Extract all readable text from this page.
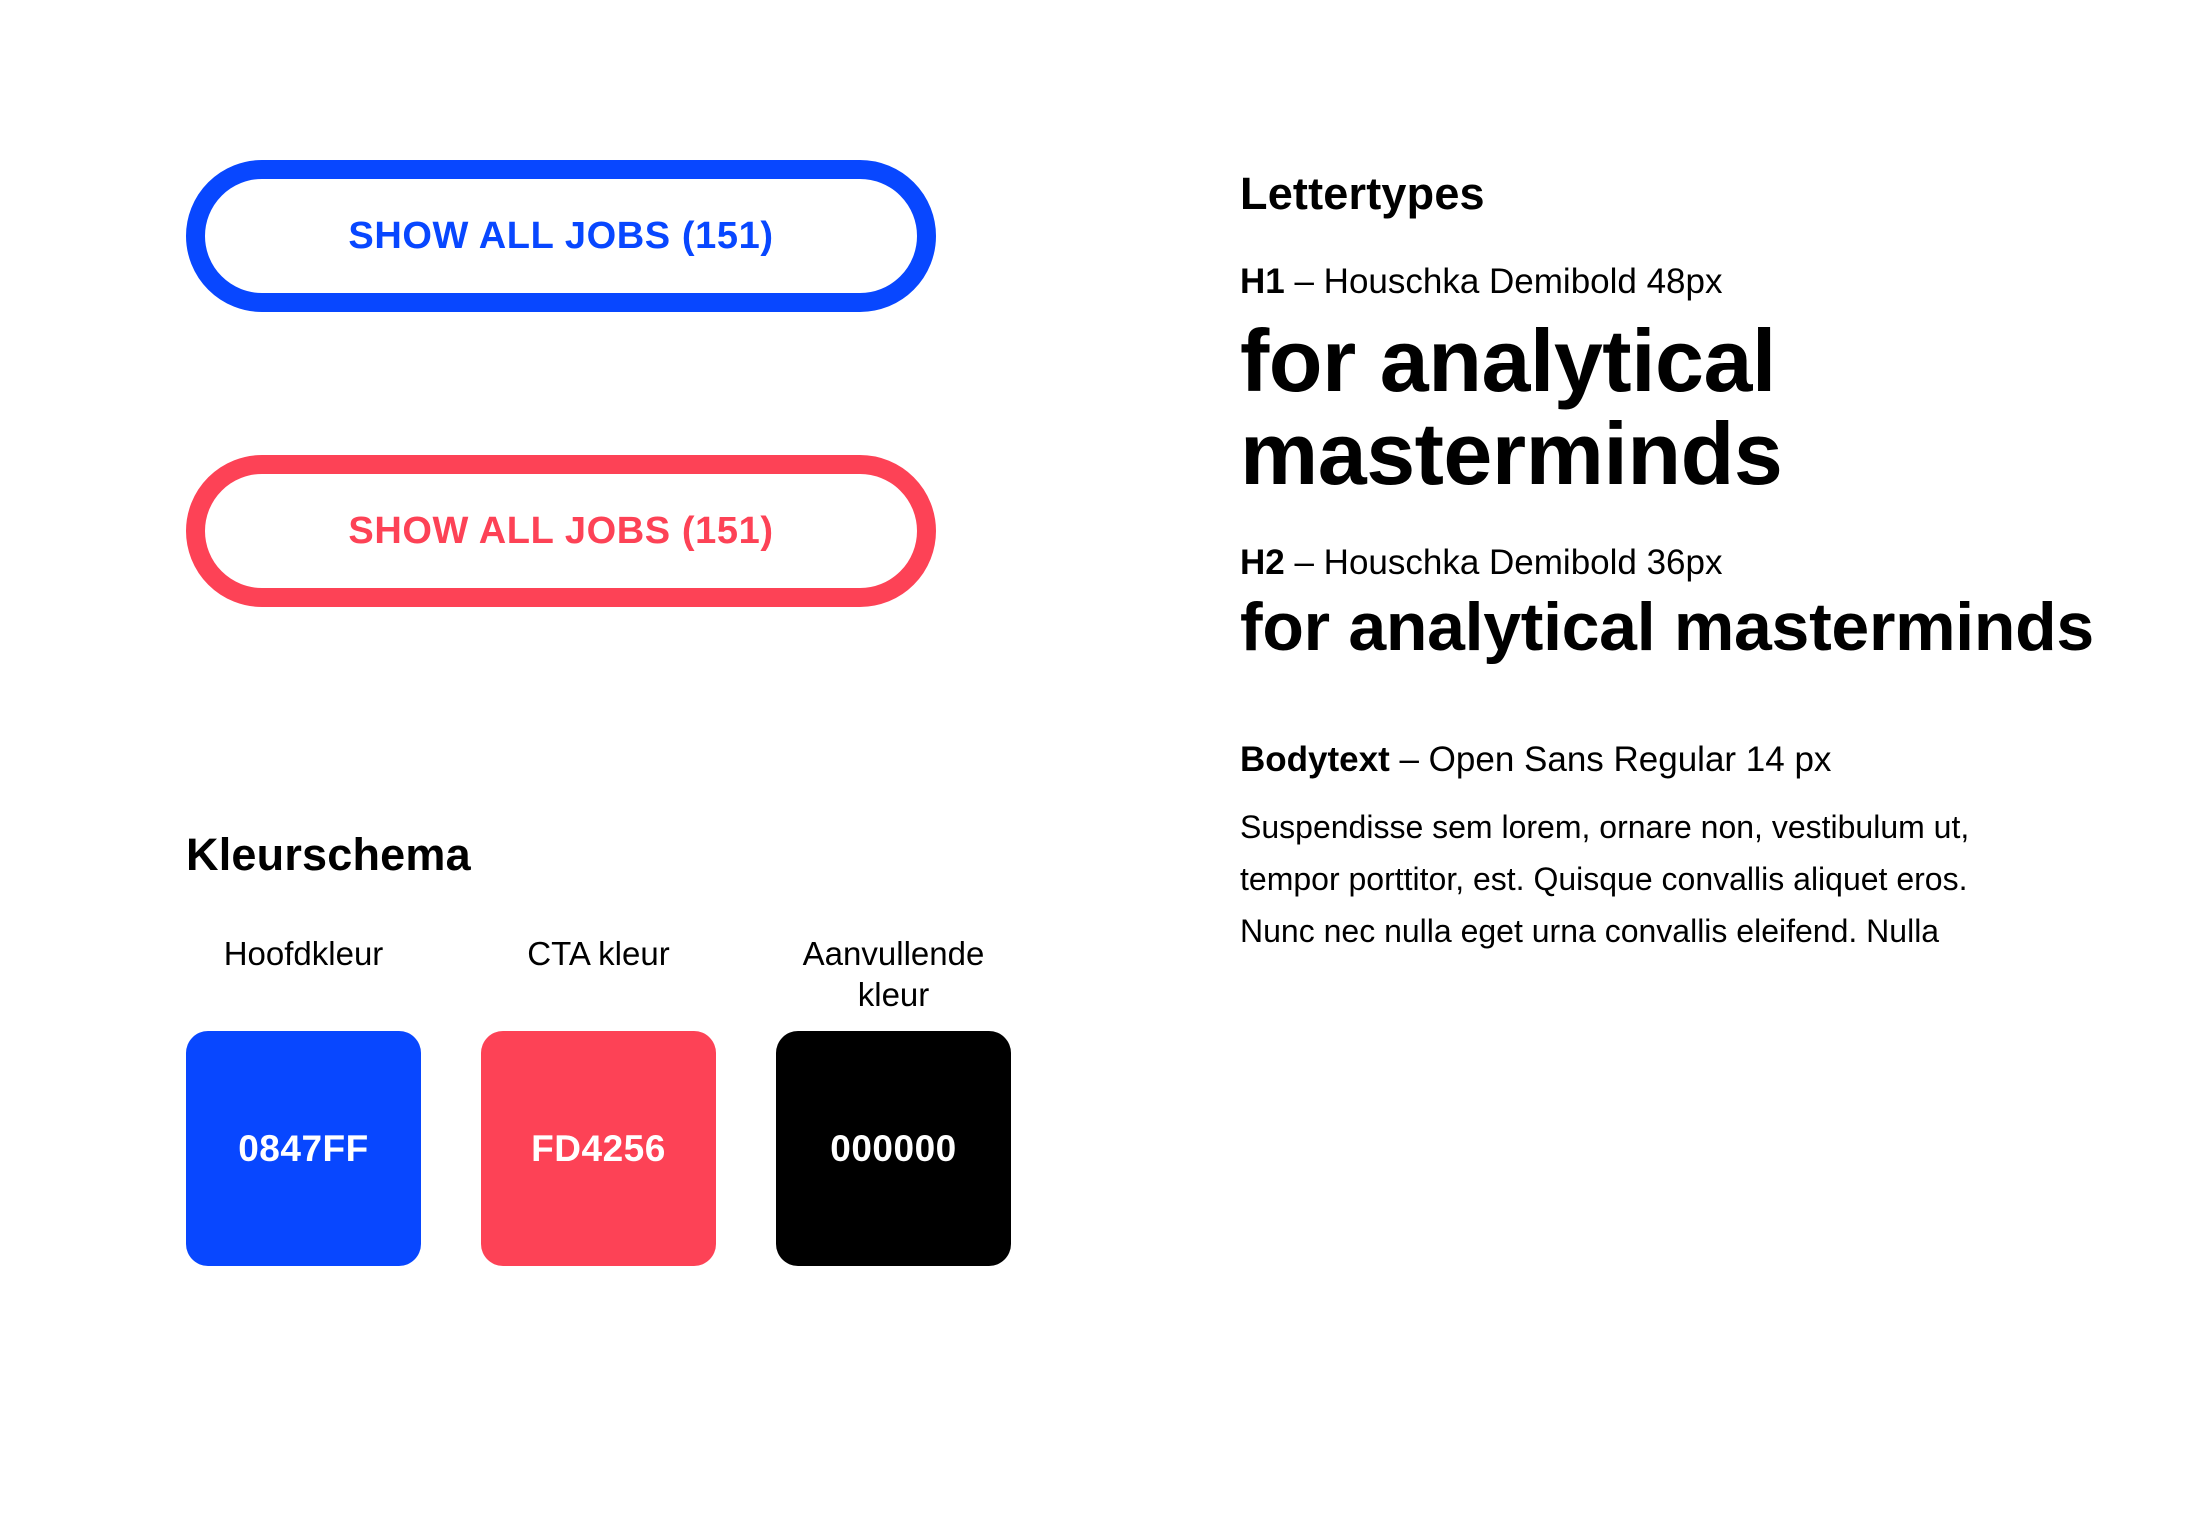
SHOW ALL JOBS (151)
SHOW ALL JOBS (151)
Kleurschema
Hoofdkleur
0847FF
CTA kleur
FD4256
Aanvullende kleur
000000
Lettertypes
H1 – Houschka Demibold 48px
for analytical masterminds
H2 – Houschka Demibold 36px
for analytical masterminds
Bodytext – Open Sans Regular 14 px
Suspendisse sem lorem, ornare non, vestibulum ut, tempor porttitor, est. Quisque convallis aliquet eros. Nunc nec nulla eget urna convallis eleifend. Nulla
